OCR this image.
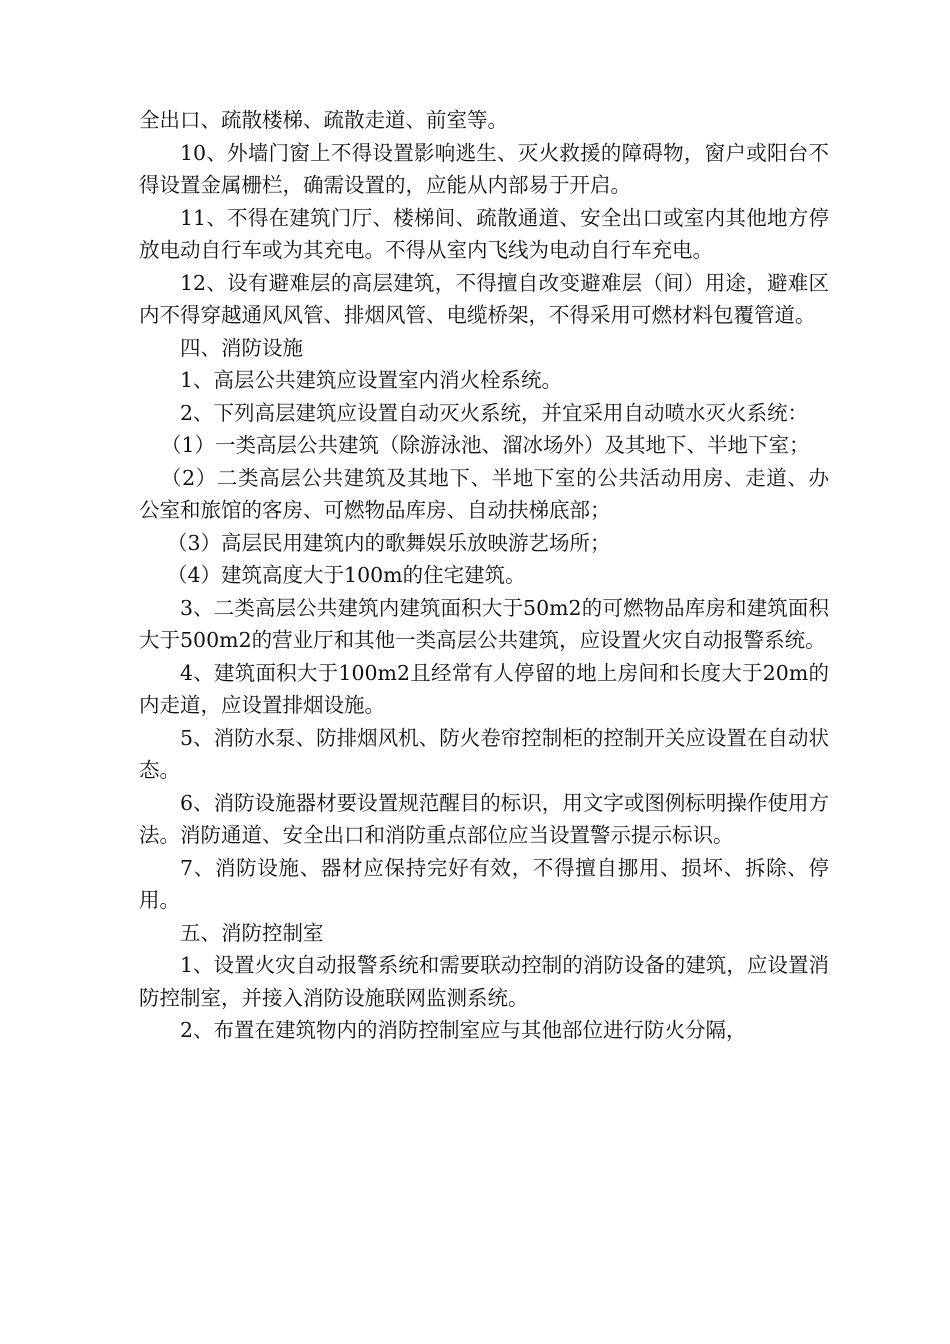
全出口、疏散楼梯、疏散走道、前室等。

10、外墙门窗上不得设置影响逃生、灭火救援的障碍物，窗户或阳台不得设置金属栅栏，确需设置的，应能从内部易于开启。

11、不得在建筑门厅、楼梯间、疏散通道、安全出口或室内其他地方停放电动自行车或为其充电。不得从室内飞线为电动自行车充电。

12、设有避难层的高层建筑，不得擅自改变避难层（间）用途，避难区内不得穿越通风风管、排烟风管、电缆桥架，不得采用可燃材料包覆管道。

四、消防设施

1、高层公共建筑应设置室内消火栓系统。

2、下列高层建筑应设置自动灭火系统，并宜采用自动喷水灭火系统：

（1）一类高层公共建筑（除游泳池、溜冰场外）及其地下、半地下室；

（2）二类高层公共建筑及其地下、半地下室的公共活动用房、走道、办公室和旅馆的客房、可燃物品库房、自动扶梯底部；

（3）高层民用建筑内的歌舞娱乐放映游艺场所；

（4）建筑高度大于100m的住宅建筑。

3、二类高层公共建筑内建筑面积大于50m2的可燃物品库房和建筑面积大于500m2的营业厅和其他一类高层公共建筑，应设置火灾自动报警系统。

4、建筑面积大于100m2且经常有人停留的地上房间和长度大于20m的内走道，应设置排烟设施。

5、消防水泵、防排烟风机、防火卷帘控制柜的控制开关应设置在自动状态。

6、消防设施器材要设置规范醒目的标识，用文字或图例标明操作使用方法。消防通道、安全出口和消防重点部位应当设置警示提示标识。

7、消防设施、器材应保持完好有效，不得擅自挪用、损坏、拆除、停用。

五、消防控制室

1、设置火灾自动报警系统和需要联动控制的消防设备的建筑，应设置消防控制室，并接入消防设施联网监测系统。

2、布置在建筑物内的消防控制室应与其他部位进行防火分隔，
